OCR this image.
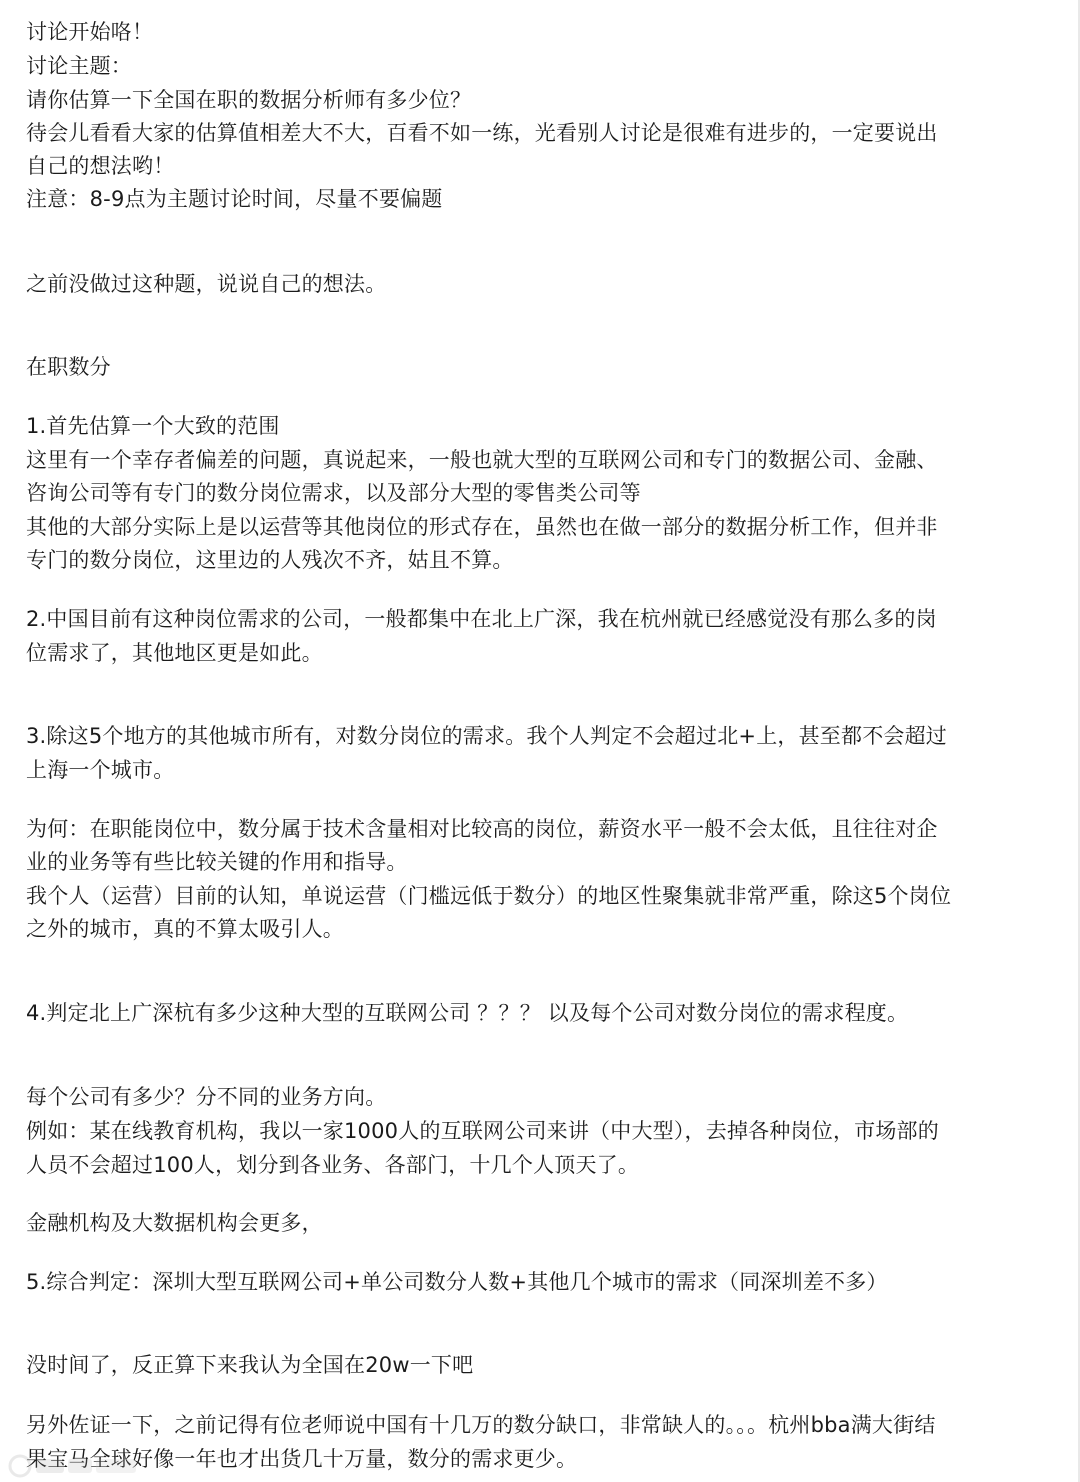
讨论开始咯！
讨论主题：
请你估算一下全国在职的数据分析师有多少位？
待会儿看看大家的估算值相差大不大，百看不如一练，光看别人讨论是很难有进步的，一定要说出
自己的想法哟！
注意：8-9点为主题讨论时间，尽量不要偏题
之前没做过这种题，说说自己的想法。
在职数分
1.首先估算一个大致的范围
这里有一个幸存者偏差的问题，真说起来，一般也就大型的互联网公司和专门的数据公司、金融、
咨询公司等有专门的数分岗位需求，以及部分大型的零售类公司等
其他的大部分实际上是以运营等其他岗位的形式存在，虽然也在做一部分的数据分析工作，但并非
专门的数分岗位，这里边的人残次不齐，姑且不算。
2.中国目前有这种岗位需求的公司，一般都集中在北上广深，我在杭州就已经感觉没有那么多的岗
位需求了，其他地区更是如此。
3.除这5个地方的其他城市所有，对数分岗位的需求。我个人判定不会超过北+上，甚至都不会超过
上海一个城市。
为何：在职能岗位中，数分属于技术含量相对比较高的岗位，薪资水平一般不会太低，且往往对企
业的业务等有些比较关键的作用和指导。
我个人（运营）目前的认知，单说运营（门槛远低于数分）的地区性聚集就非常严重，除这5个岗位
之外的城市，真的不算太吸引人。
4.判定北上广深杭有多少这种大型的互联网公司 ？？？ 以及每个公司对数分岗位的需求程度。
每个公司有多少？分不同的业务方向。
例如：某在线教育机构，我以一家1000人的互联网公司来讲（中大型），去掉各种岗位，市场部的
人员不会超过100人，划分到各业务、各部门，十几个人顶天了。
金融机构及大数据机构会更多，
5.综合判定：深圳大型互联网公司+单公司数分人数+其他几个城市的需求（同深圳差不多）
没时间了，反正算下来我认为全国在20w一下吧
另外佐证一下，之前记得有位老师说中国有十几万的数分缺口，非常缺人的。。。杭州bba满大街结
果宝马全球好像一年也才出货几十万量，数分的需求更少。
